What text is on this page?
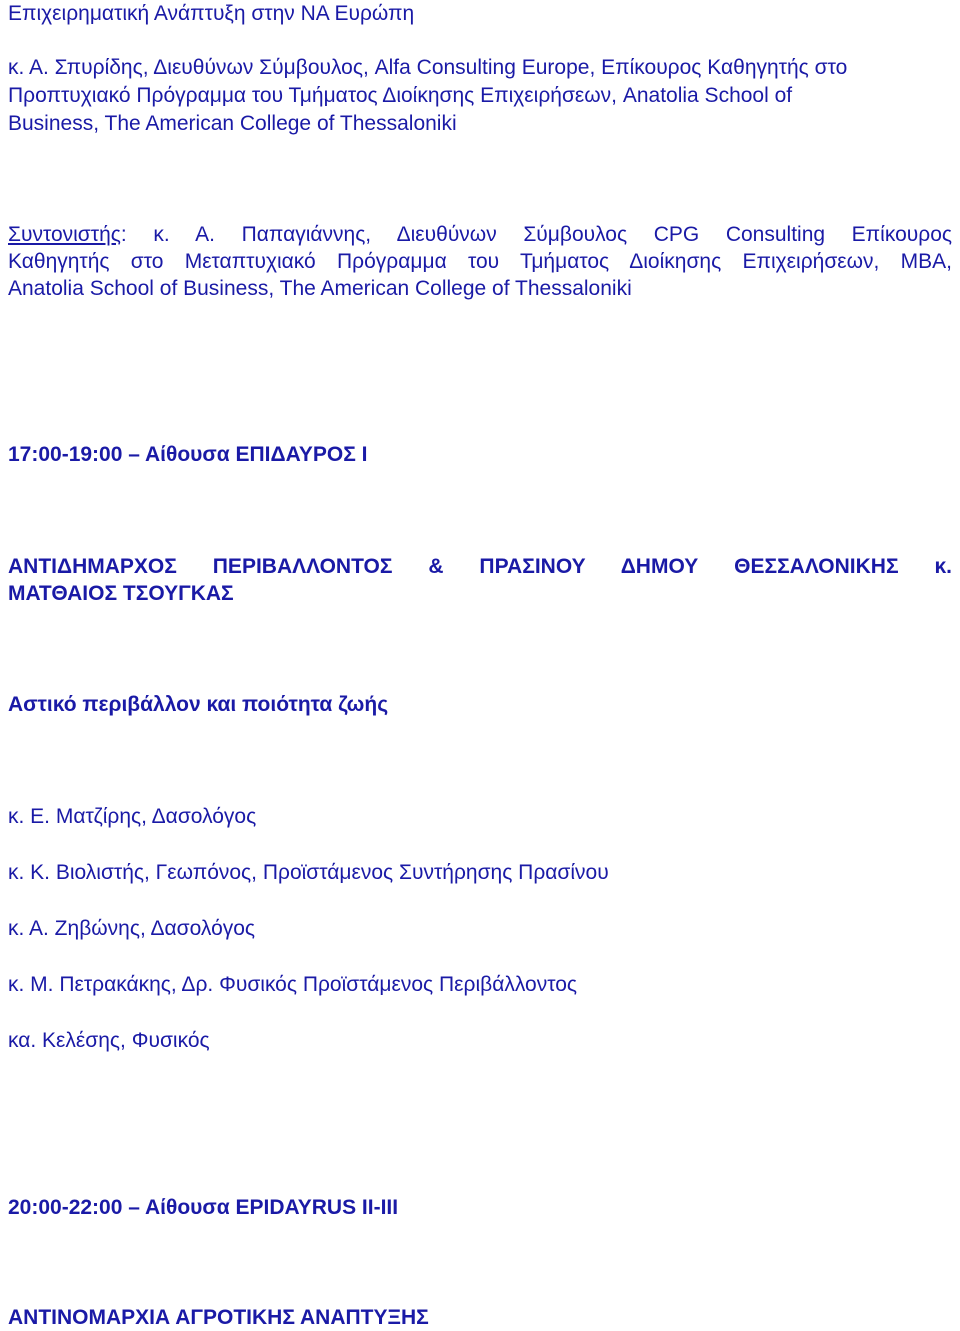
Επιχειρηματική Ανάπτυξη στην ΝΑ Ευρώπη
κ. Α. Σπυρίδης, Διευθύνων Σύμβουλος, Alfa Consulting Europe, Επίκουρος Καθηγητής στο
Προπτυχιακό Πρόγραμμα του Τμήματος Διοίκησης Επιχειρήσεων, Anatolia School of
Business, The American College of Thessaloniki
Συντονιστής: κ. Α. Παπαγιάννης, Διευθύνων Σύμβουλος CPG Consulting Επίκουρος
Καθηγητής στο Μεταπτυχιακό Πρόγραμμα του Τμήματος Διοίκησης Επιχειρήσεων, ΜΒΑ,
Anatolia School of Business, The American College of Thessaloniki
17:00-19:00 – Αίθουσα ΕΠΙΔΑΥΡΟΣ Ι
ΑΝΤΙΔΗΜΑΡΧΟΣ ΠΕΡΙΒΑΛΛΟΝΤΟΣ & ΠΡΑΣΙΝΟΥ ΔΗΜΟΥ ΘΕΣΣΑΛΟΝΙΚΗΣ κ.
ΜΑΤΘΑΙΟΣ ΤΣΟΥΓΚΑΣ
Αστικό περιβάλλον και ποιότητα ζωής
κ. Ε. Ματζίρης, Δασολόγος
κ. Κ. Βιολιστής, Γεωπόνος, Προϊστάμενος Συντήρησης Πρασίνου
κ. Α. Ζηβώνης, Δασολόγος
κ. Μ. Πετρακάκης, Δρ. Φυσικός Προϊστάμενος Περιβάλλοντος
κα. Κελέσης, Φυσικός
20:00-22:00 – Αίθουσα EPIDAYRUS II-III
ΑΝΤΙΝΟΜΑΡΧΙΑ ΑΓΡΟΤΙΚΗΣ ΑΝΑΠΤΥΞΗΣ
